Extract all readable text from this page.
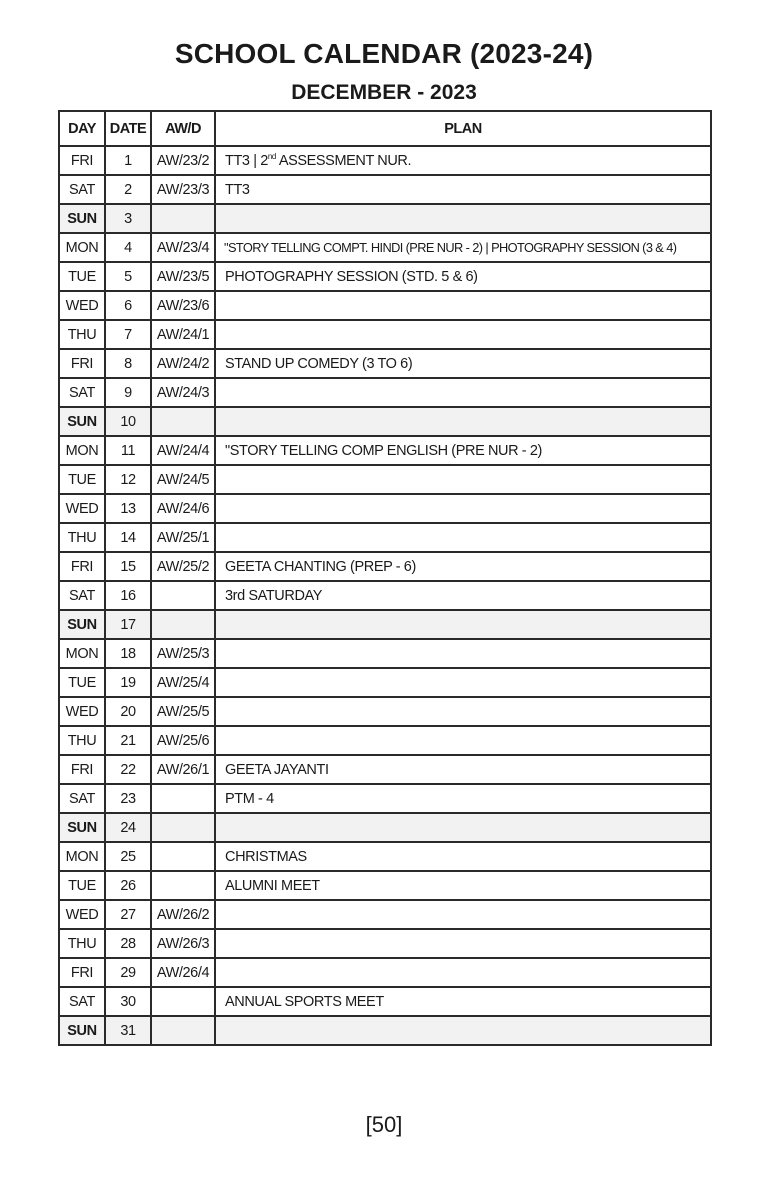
SCHOOL CALENDAR (2023-24)
DECEMBER - 2023
DAY	DATE	AW/D	PLAN
FRI	1	AW/23/2	TT3 | 2nd ASSESSMENT NUR.
SAT	2	AW/23/3	TT3
SUN	3		
MON	4	AW/23/4	"STORY TELLING COMPT. HINDI (PRE NUR - 2) | PHOTOGRAPHY SESSION (3 & 4)
TUE	5	AW/23/5	PHOTOGRAPHY SESSION (STD. 5 & 6)
WED	6	AW/23/6	
THU	7	AW/24/1	
FRI	8	AW/24/2	STAND UP COMEDY (3 TO 6)
SAT	9	AW/24/3	
SUN	10		
MON	11	AW/24/4	"STORY TELLING COMP ENGLISH (PRE NUR - 2)
TUE	12	AW/24/5	
WED	13	AW/24/6	
THU	14	AW/25/1	
FRI	15	AW/25/2	GEETA CHANTING (PREP - 6)
SAT	16		3rd SATURDAY
SUN	17		
MON	18	AW/25/3	
TUE	19	AW/25/4	
WED	20	AW/25/5	
THU	21	AW/25/6	
FRI	22	AW/26/1	GEETA JAYANTI
SAT	23		PTM - 4
SUN	24		
MON	25		CHRISTMAS
TUE	26		ALUMNI MEET
WED	27	AW/26/2	
THU	28	AW/26/3	
FRI	29	AW/26/4	
SAT	30		ANNUAL SPORTS MEET
SUN	31		
[50]
